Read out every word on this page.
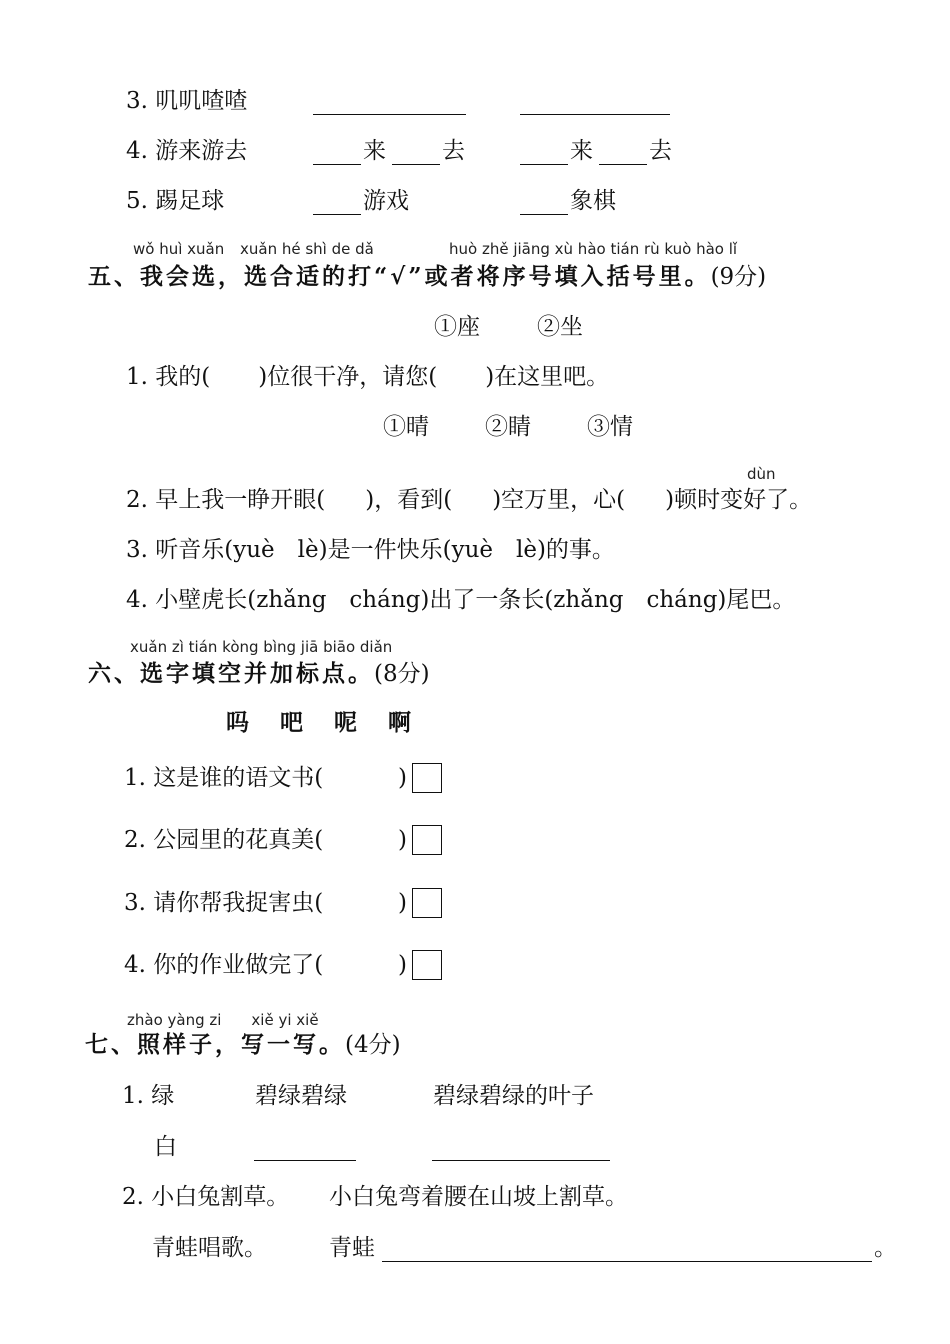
3. 叽叽喳喳
4. 游来游去	来 去	来 去
5. 踢足球	游戏	象棋
wǒ huì xuǎn xuǎn hé shì de dǎ	huò zhě jiāng xù hào tián rù kuò hào lǐ
五、我会选，选合适的打“√”或者将序号填入括号里。(9分)
①座 ②坐
1. 我的( )位很干净，请您( )在这里吧。
①晴 ②睛 ③情
dùn
2. 早上我一睁开眼( )，看到( )空万里，心( )顿时变好了。
3. 听音乐(yuè　lè)是一件快乐(yuè　lè)的事。
4. 小壁虎长(zhǎng　cháng)出了一条长(zhǎng　cháng)尾巴。
xuǎn zì tián kòng bìng jiā biāo diǎn
六、选字填空并加标点。(8分)
吗　吧　呢　啊
1. 这是谁的语文书(	)
2. 公园里的花真美(	)
3. 请你帮我捉害虫(	)
4. 你的作业做完了(	)
zhào yàng zi　　xiě yi xiě
七、照样子，写一写。(4分)
1. 绿	碧绿碧绿	碧绿碧绿的叶子
白
2. 小白兔割草。 小白兔弯着腰在山坡上割草。
青蛙唱歌。	青蛙	。
